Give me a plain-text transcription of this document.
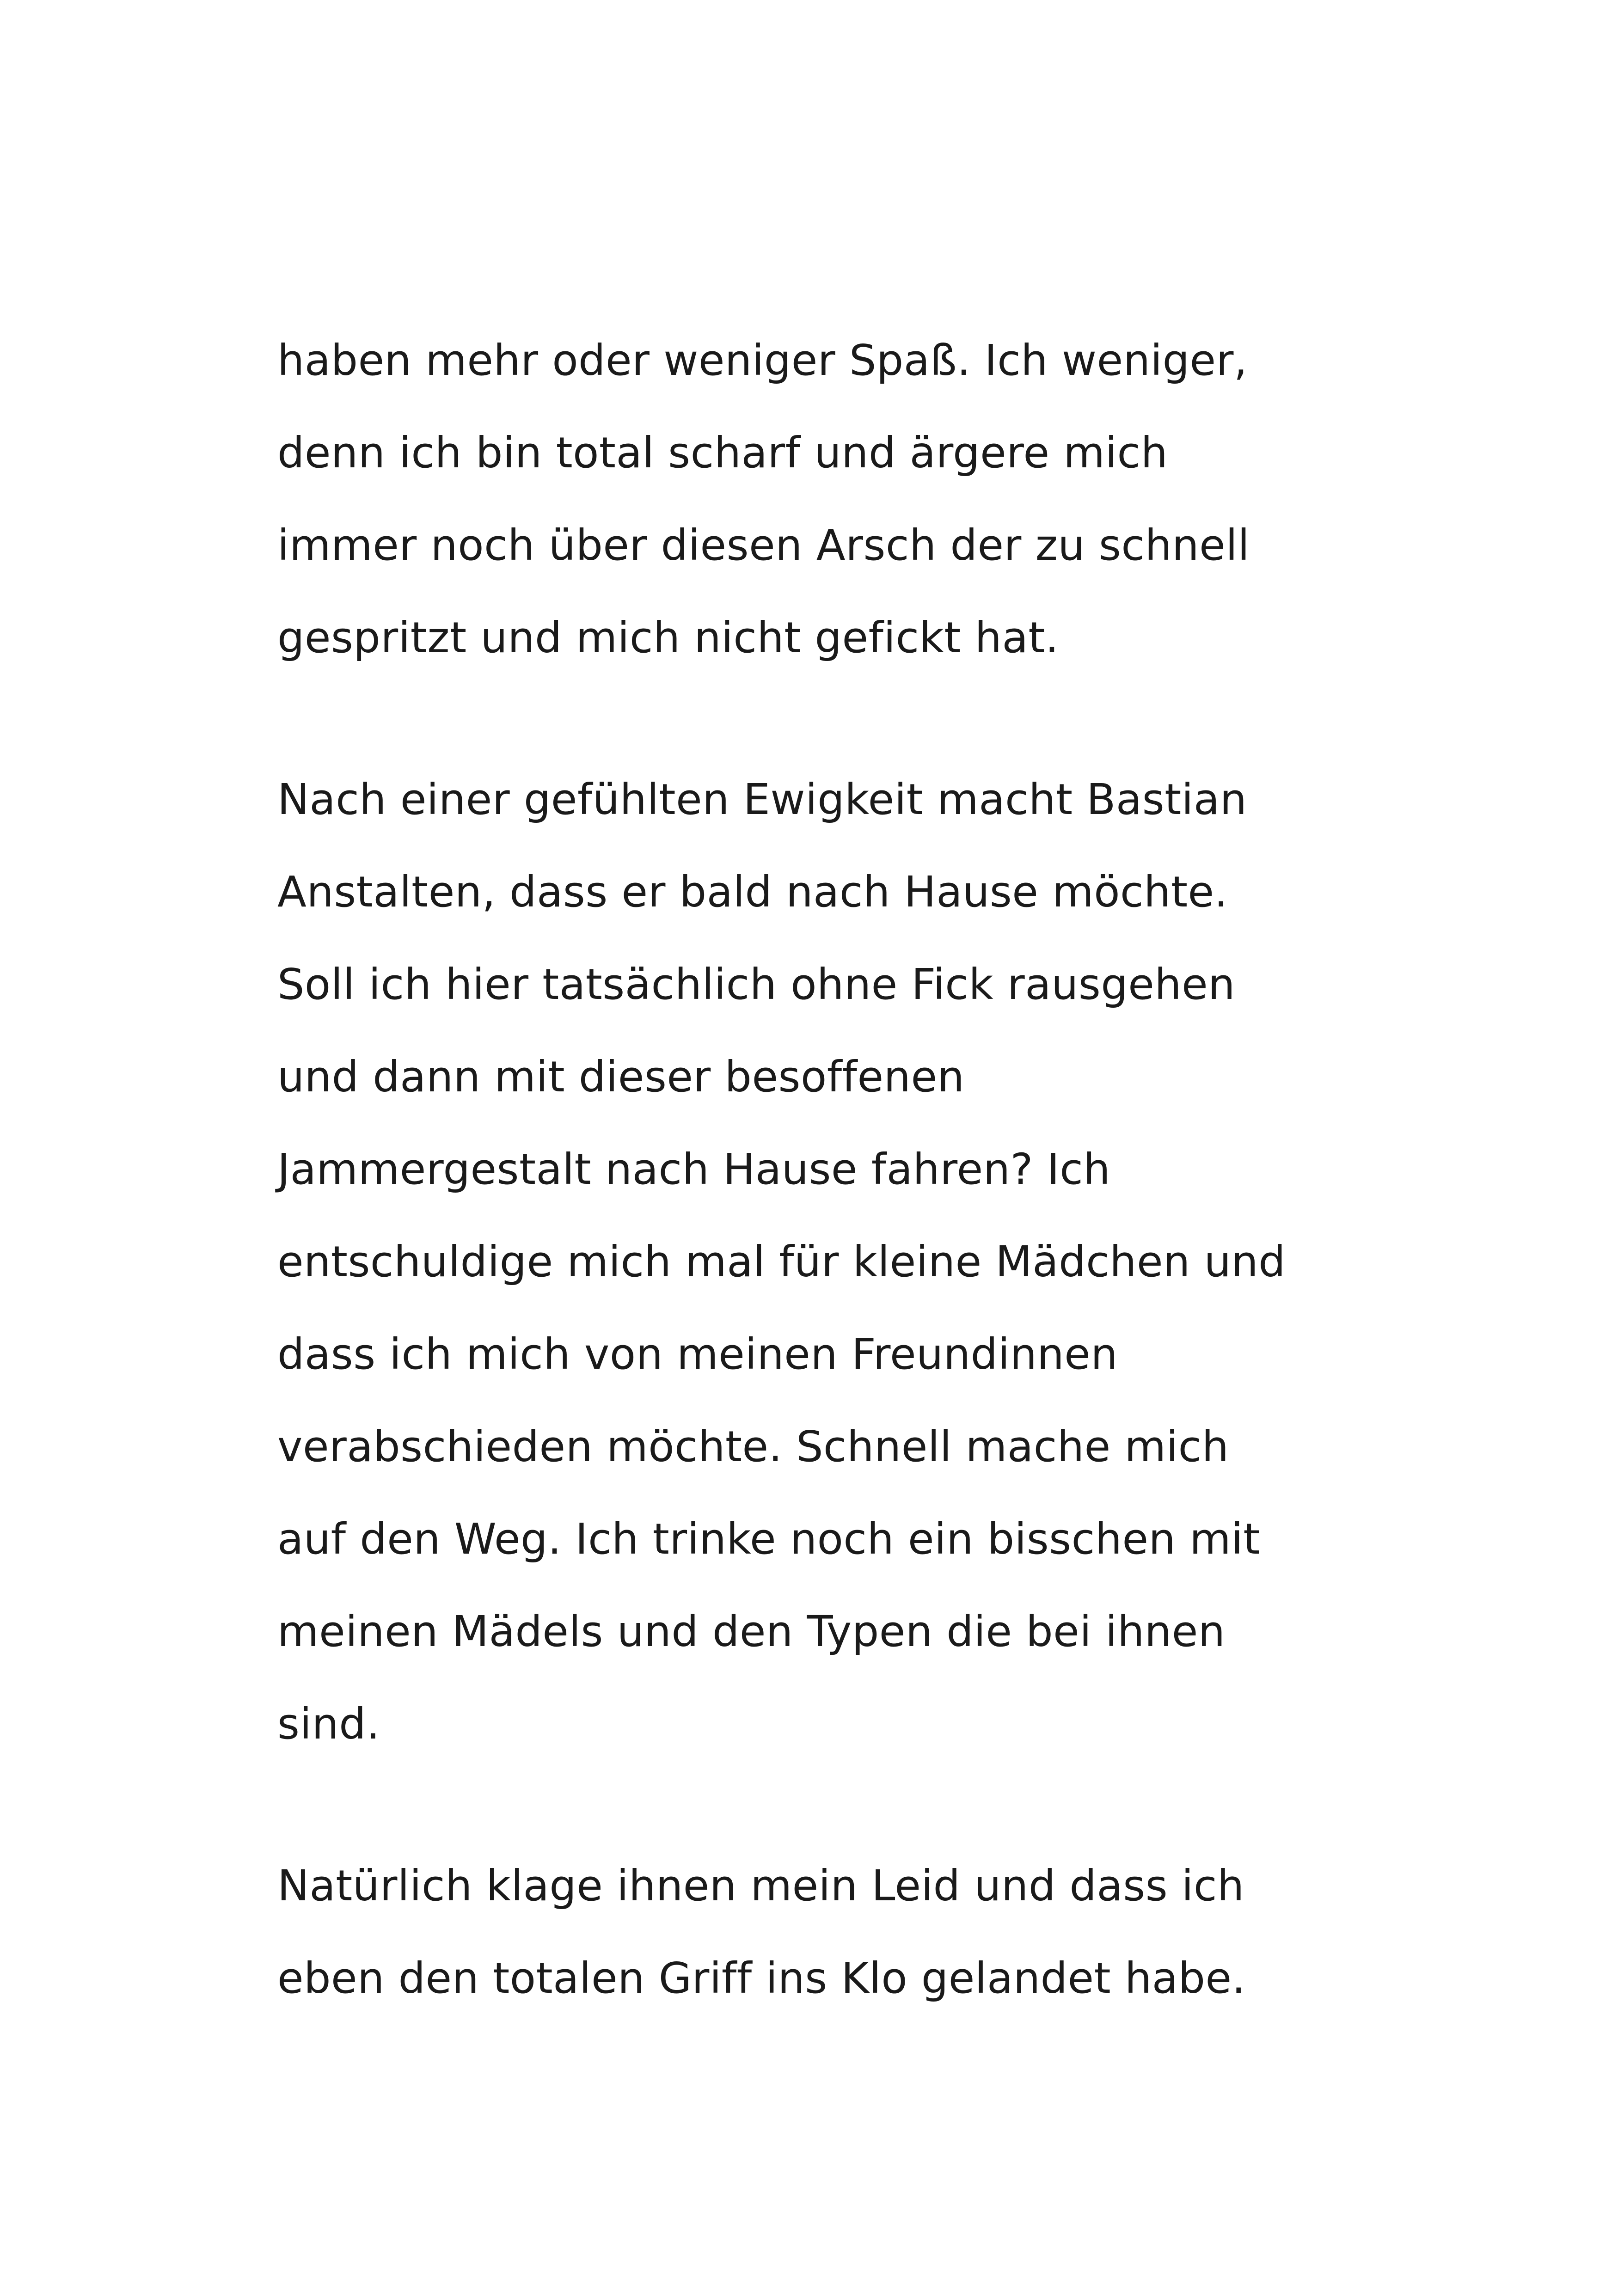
haben mehr oder weniger Spaß. Ich weniger,
denn ich bin total scharf und ärgere mich
immer noch über diesen Arsch der zu schnell
gespritzt und mich nicht gefickt hat.
Nach einer gefühlten Ewigkeit macht Bastian
Anstalten, dass er bald nach Hause möchte.
Soll ich hier tatsächlich ohne Fick rausgehen
und dann mit dieser besoffenen
Jammergestalt nach Hause fahren? Ich
entschuldige mich mal für kleine Mädchen und
dass ich mich von meinen Freundinnen
verabschieden möchte. Schnell mache mich
auf den Weg. Ich trinke noch ein bisschen mit
meinen Mädels und den Typen die bei ihnen
sind.
Natürlich klage ihnen mein Leid und dass ich
eben den totalen Griff ins Klo gelandet habe.
